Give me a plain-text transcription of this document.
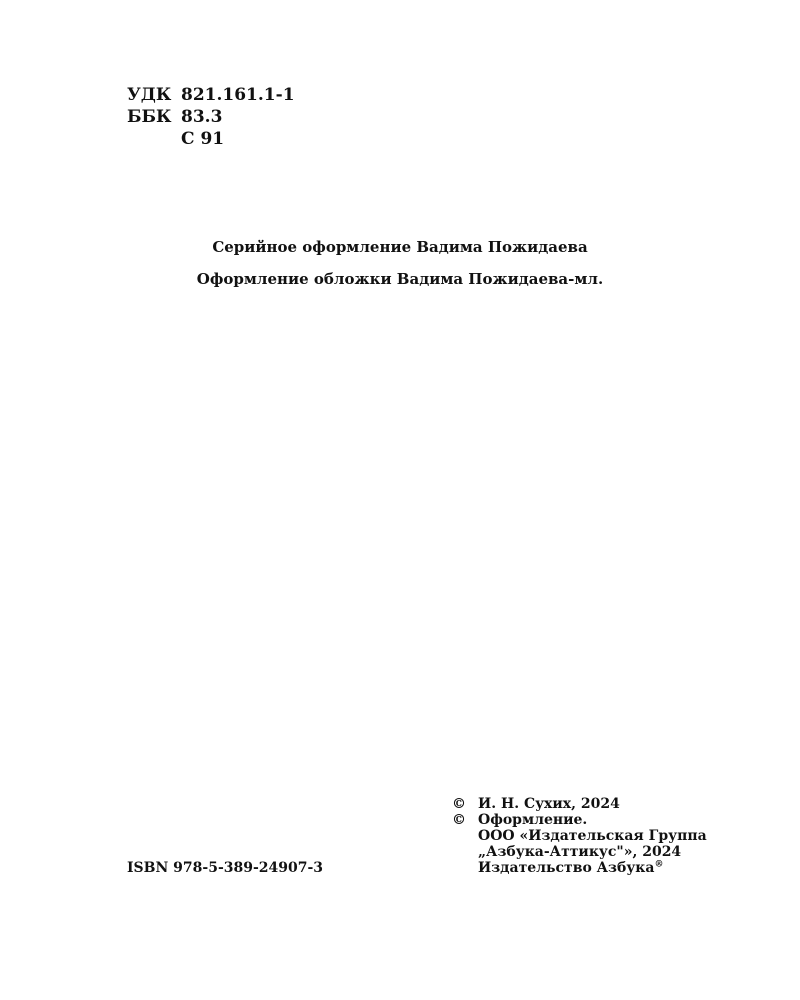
УДК 821.161.1-1
ББК 83.3
С 91
Серийное оформление Вадима Пожидаева
Оформление обложки Вадима Пожидаева-мл.
© И. Н. Сухих, 2024
© Оформление.
ООО «Издательская Группа
„Азбука-Аттикус"», 2024
Издательство Азбука®
ISBN 978-5-389-24907-3
